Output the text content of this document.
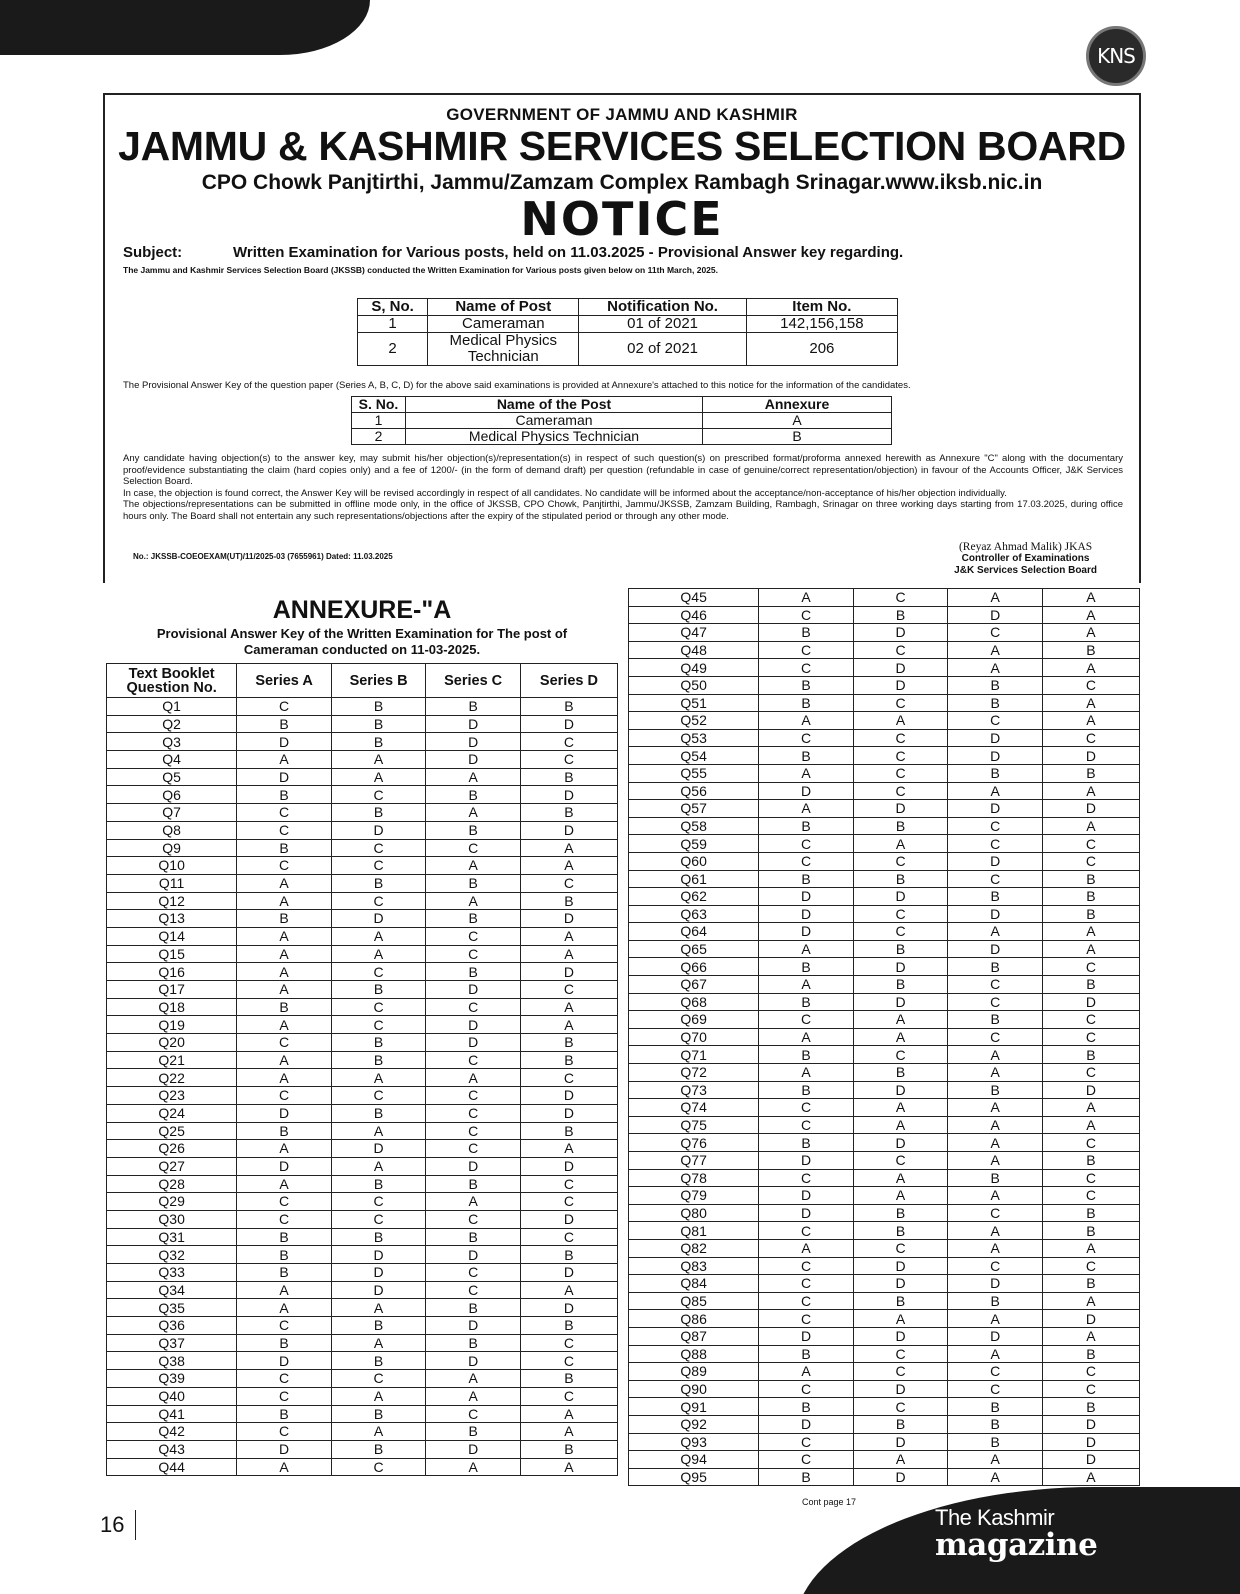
KNS
GOVERNMENT OF JAMMU AND KASHMIR
JAMMU & KASHMIR SERVICES SELECTION BOARD
CPO Chowk Panjtirthi, Jammu/Zamzam Complex Rambagh Srinagar.www.iksb.nic.in
NOTICE
Subject:	Written Examination for Various posts, held on 11.03.2025 - Provisional Answer key regarding.
The Jammu and Kashmir Services Selection Board (JKSSB) conducted the Written Examination for Various posts given below on 11th March, 2025.
S, No.	Name of Post	Notification No.	Item No.
1	Cameraman	01 of 2021	142,156,158
2	Medical Physics Technician	02 of 2021	206
The Provisional Answer Key of the question paper (Series A, B, C, D) for the above said examinations is provided at Annexure's attached to this notice for the information of the candidates.
S. No.	Name of the Post	Annexure
1	Cameraman	A
2	Medical Physics Technician	B
Any candidate having objection(s) to the answer key, may submit his/her objection(s)/representation(s) in respect of such question(s) on prescribed format/proforma annexed herewith as Annexure "C" along with the documentary proof/evidence substantiating the claim (hard copies only) and a fee of 1200/- (in the form of demand draft) per question (refundable in case of genuine/correct representation/objection) in favour of the Accounts Officer, J&K Services Selection Board.
In case, the objection is found correct, the Answer Key will be revised accordingly in respect of all candidates. No candidate will be informed about the acceptance/non-acceptance of his/her objection individually.
The objections/representations can be submitted in offline mode only, in the office of JKSSB, CPO Chowk, Panjtirthi, Jammu/JKSSB, Zamzam Building, Rambagh, Srinagar on three working days starting from 17.03.2025, during office hours only. The Board shall not entertain any such representations/objections after the expiry of the stipulated period or through any other mode.
No.: JKSSB-COEOEXAM(UT)/11/2025-03 (7655961) Dated: 11.03.2025
(Reyaz Ahmad Malik) JKAS
Controller of Examinations
J&K Services Selection Board
ANNEXURE-"A
Provisional Answer Key of the Written Examination for The post of
Cameraman conducted on 11-03-2025.
Text Booklet Question No.	Series A	Series B	Series C	Series D
Q1	C	B	B	B
Q2	B	B	D	D
Q3	D	B	D	C
Q4	A	A	D	C
Q5	D	A	A	B
Q6	B	C	B	D
Q7	C	B	A	B
Q8	C	D	B	D
Q9	B	C	C	A
Q10	C	C	A	A
Q11	A	B	B	C
Q12	A	C	A	B
Q13	B	D	B	D
Q14	A	A	C	A
Q15	A	A	C	A
Q16	A	C	B	D
Q17	A	B	D	C
Q18	B	C	C	A
Q19	A	C	D	A
Q20	C	B	D	B
Q21	A	B	C	B
Q22	A	A	A	C
Q23	C	C	C	D
Q24	D	B	C	D
Q25	B	A	C	B
Q26	A	D	C	A
Q27	D	A	D	D
Q28	A	B	B	C
Q29	C	C	A	C
Q30	C	C	C	D
Q31	B	B	B	C
Q32	B	D	D	B
Q33	B	D	C	D
Q34	A	D	C	A
Q35	A	A	B	D
Q36	C	B	D	B
Q37	B	A	B	C
Q38	D	B	D	C
Q39	C	C	A	B
Q40	C	A	A	C
Q41	B	B	C	A
Q42	C	A	B	A
Q43	D	B	D	B
Q44	A	C	A	A
Q45	A	C	A	A
Q46	C	B	D	A
Q47	B	D	C	A
Q48	C	C	A	B
Q49	C	D	A	A
Q50	B	D	B	C
Q51	B	C	B	A
Q52	A	A	C	A
Q53	C	C	D	C
Q54	B	C	D	D
Q55	A	C	B	B
Q56	D	C	A	A
Q57	A	D	D	D
Q58	B	B	C	A
Q59	C	A	C	C
Q60	C	C	D	C
Q61	B	B	C	B
Q62	D	D	B	B
Q63	D	C	D	B
Q64	D	C	A	A
Q65	A	B	D	A
Q66	B	D	B	C
Q67	A	B	C	B
Q68	B	D	C	D
Q69	C	A	B	C
Q70	A	A	C	C
Q71	B	C	A	B
Q72	A	B	A	C
Q73	B	D	B	D
Q74	C	A	A	A
Q75	C	A	A	A
Q76	B	D	A	C
Q77	D	C	A	B
Q78	C	A	B	C
Q79	D	A	A	C
Q80	D	B	C	B
Q81	C	B	A	B
Q82	A	C	A	A
Q83	C	D	C	C
Q84	C	D	D	B
Q85	C	B	B	A
Q86	C	A	A	D
Q87	D	D	D	A
Q88	B	C	A	B
Q89	A	C	C	C
Q90	C	D	C	C
Q91	B	C	B	B
Q92	D	B	B	D
Q93	C	D	B	D
Q94	C	A	A	D
Q95	B	D	A	A
Cont page 17
16	The Kashmir
magazine
